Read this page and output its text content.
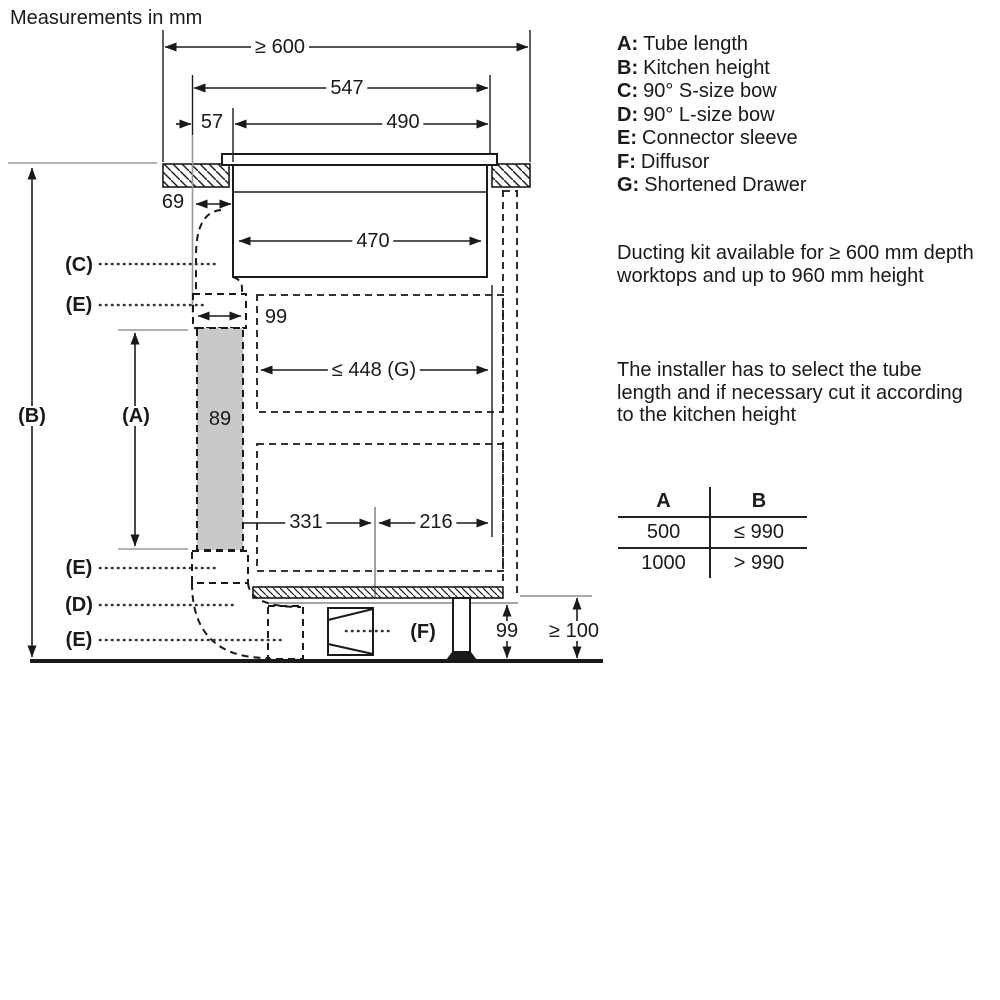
Measurements in mm
≥ 600
547
57	490
69
470
99
≤ 448 (G)
89
331	216
99 ≥ 100
(C)
(E)
(B)	(A)
(E)
(D)
(E)	(F)
A: Tube length
B: Kitchen height
C: 90° S-size bow
D: 90° L-size bow
E: Connector sleeve
F: Diffusor
G: Shortened Drawer
Ducting kit available for ≥ 600 mm depth worktops and up to 960 mm height
The installer has to select the tube length and if necessary cut it according to the kitchen height
A	B
500	≤ 990
1000	> 990
